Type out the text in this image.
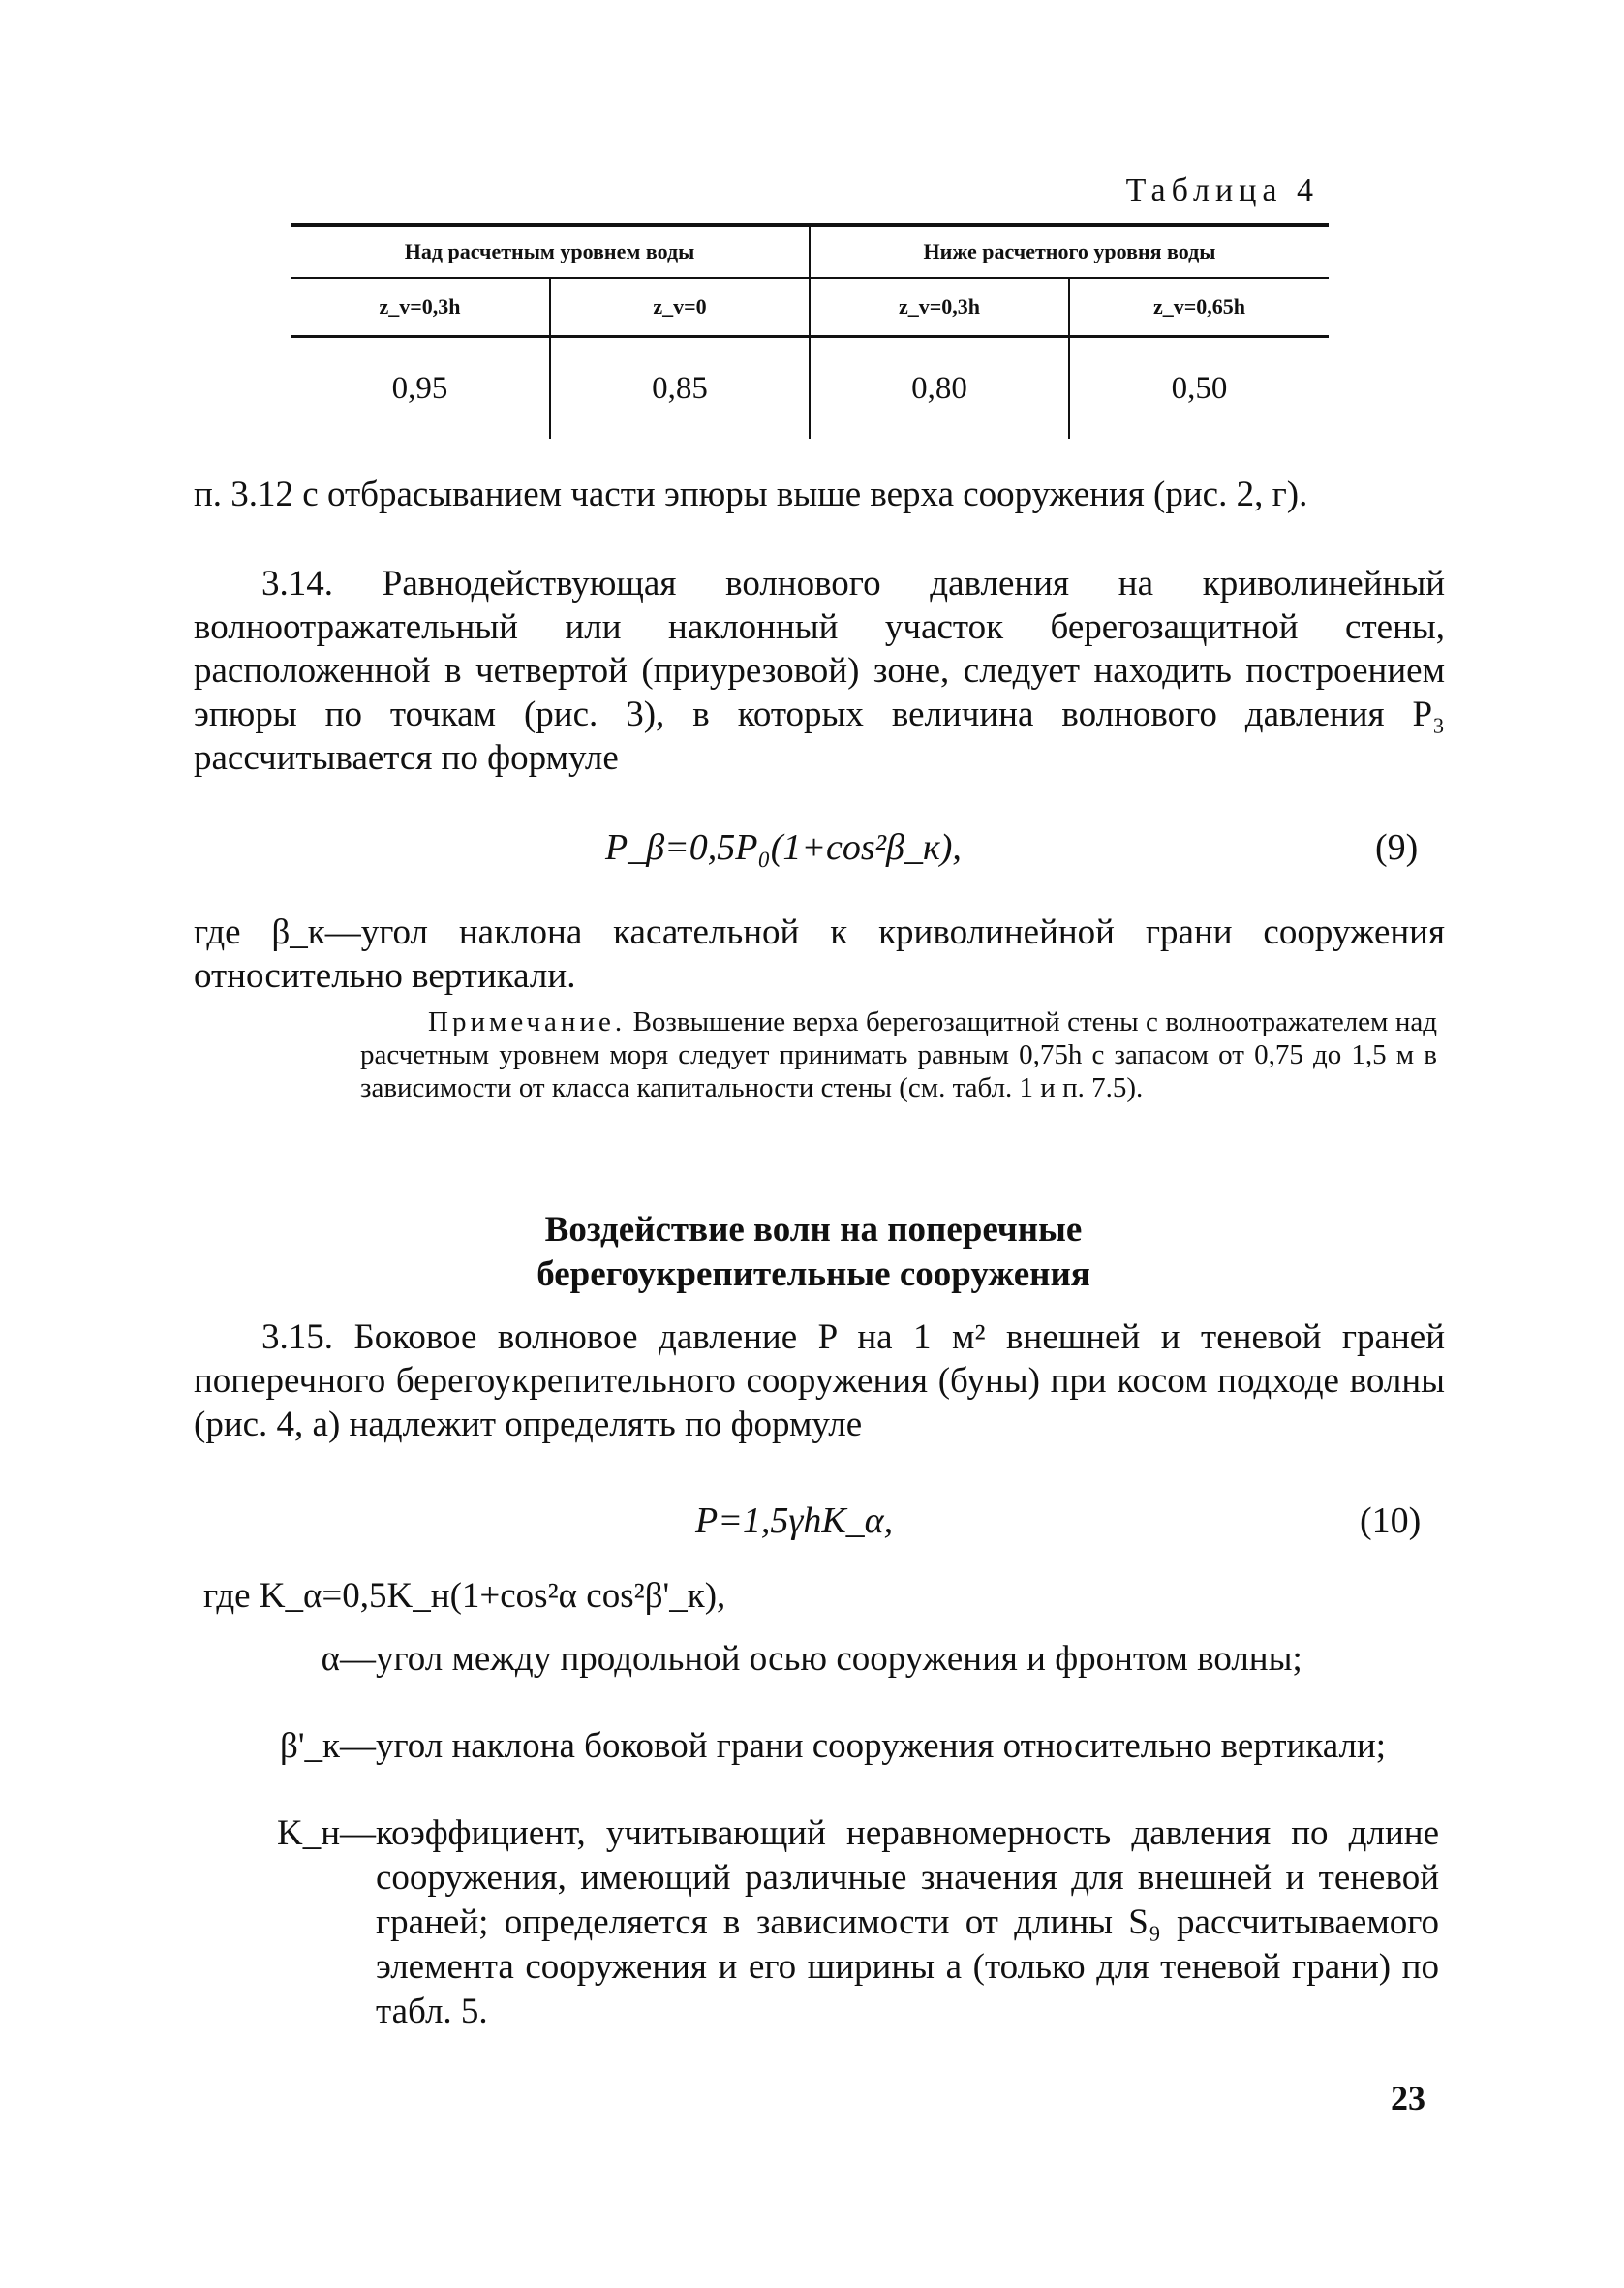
Таблица 4
Над расчетным уровнем воды		Ниже расчетного уровня воды	
z_v=0,3h	z_v=0	z_v=0,3h	z_v=0,65h
0,95	0,85	0,80	0,50

п. 3.12 с отбрасыванием части эпюры выше верха сооружения (рис. 2, г).

3.14. Равнодействующая волнового давления на криволинейный волноотражательный или наклонный участок берегозащитной стены, расположенной в четвертой (приурезовой) зоне, следует находить построением эпюры по точкам (рис. 3), в которых величина волнового давления P₃ рассчитывается по формуле

P_β=0,5P₀(1+cos²β_к),	(9)

где β_к—угол наклона касательной к криволинейной грани сооружения относительно вертикали.

Примечание. Возвышение верха берегозащитной стены с волноотражателем над расчетным уровнем моря следует принимать равным 0,75h с запасом от 0,75 до 1,5 м в зависимости от класса капитальности стены (см. табл. 1 и п. 7.5).
Воздействие волн на поперечные
берегоукрепительные сооружения

3.15. Боковое волновое давление P на 1 м² внешней и теневой граней поперечного берегоукрепительного сооружения (буны) при косом подходе волны (рис. 4, а) надлежит определять по формуле

P=1,5γhK_α,	(10)
где K_α=0,5K_н(1+cos²α cos²β'_к),
α— угол между продольной осью сооружения и фронтом волны;
β'_к— угол наклона боковой грани сооружения относительно вертикали;
K_н— коэффициент, учитывающий неравномерность давления по длине сооружения, имеющий различные значения для внешней и теневой граней; определяется в зависимости от длины S₉ рассчитываемого элемента сооружения и его ширины a (только для теневой грани) по табл. 5.
23
